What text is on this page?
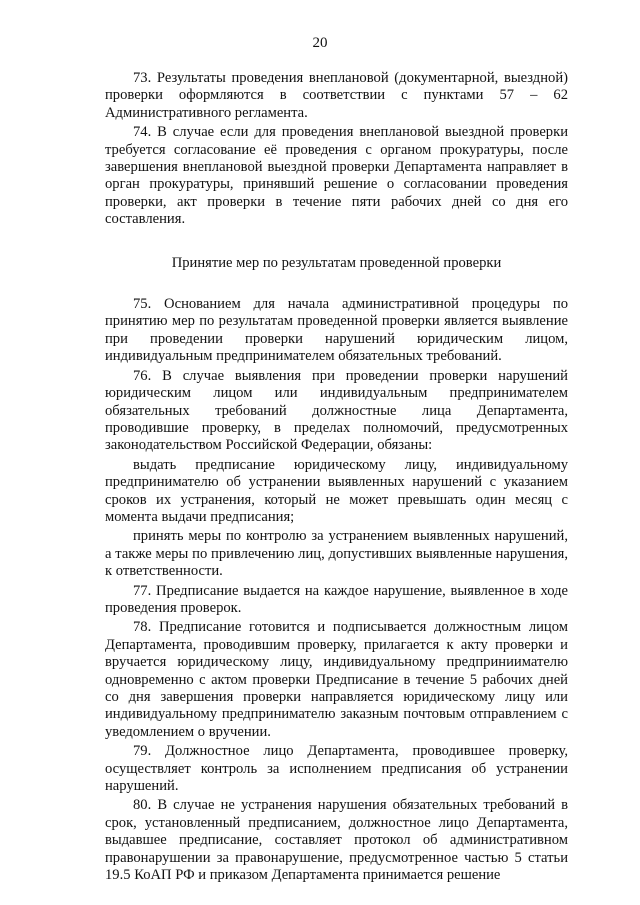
20

73. Результаты проведения внеплановой (документарной, выездной) проверки оформляются в соответствии с пунктами 57 – 62 Административного регламента.

74. В случае если для проведения внеплановой выездной проверки требуется согласование её проведения с органом прокуратуры, после завершения внеплановой выездной проверки Департамента направляет в орган прокуратуры, принявший решение о согласовании проведения проверки, акт проверки в течение пяти рабочих дней со дня его составления.

Принятие мер по результатам проведенной проверки

75. Основанием для начала административной процедуры по принятию мер по результатам проведенной проверки является выявление при проведении проверки нарушений юридическим лицом, индивидуальным предпринимателем обязательных требований.

76. В случае выявления при проведении проверки нарушений юридическим лицом или индивидуальным предпринимателем обязательных требований должностные лица Департамента, проводившие проверку, в пределах полномочий, предусмотренных законодательством Российской Федерации, обязаны:

выдать предписание юридическому лицу, индивидуальному предпринимателю об устранении выявленных нарушений с указанием сроков их устранения, который не может превышать один месяц с момента выдачи предписания;

принять меры по контролю за устранением выявленных нарушений, а также меры по привлечению лиц, допустивших выявленные нарушения, к ответственности.

77. Предписание выдается на каждое нарушение, выявленное в ходе проведения проверок.

78. Предписание готовится и подписывается должностным лицом Департамента, проводившим проверку, прилагается к акту проверки и вручается юридическому лицу, индивидуальному предприниимателю одновременно с актом проверки Предписание в течение 5 рабочих дней со дня завершения проверки направляется юридическому лицу или индивидуальному предпринимателю заказным почтовым отправлением с уведомлением о вручении.

79. Должностное лицо Департамента, проводившее проверку, осуществляет контроль за исполнением предписания об устранении нарушений.

80. В случае не устранения нарушения обязательных требований в срок, установленный предписанием, должностное лицо Департамента, выдавшее предписание, составляет протокол об административном правонарушении за правонарушение, предусмотренное частью 5 статьи 19.5 КоАП РФ и приказом Департамента принимается решение
